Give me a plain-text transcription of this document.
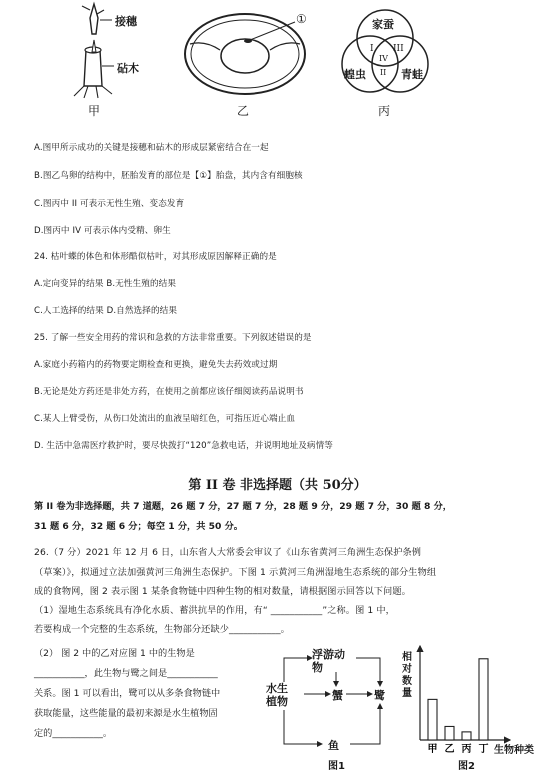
接穗
砧木
甲
①
乙
家蚕
蝗虫	青蛙
I III
IV
II
丙
A.图甲所示成功的关键是接穗和砧木的形成层紧密结合在一起
B.图乙鸟卵的结构中，胚胎发育的部位是【①】胎盘，其内含有细胞核
C.图丙中 II 可表示无性生殖、变态发育
D.图丙中 IV 可表示体内受精、卵生
24. 枯叶蝶的体色和体形酷似枯叶，对其形成原因解释正确的是
A.定向变异的结果 B.无性生殖的结果
C.人工选择的结果 D.自然选择的结果
25. 了解一些安全用药的常识和急救的方法非常重要。下列叙述错误的是
A.家庭小药箱内的药物要定期检查和更换，避免失去药效或过期
B.无论是处方药还是非处方药，在使用之前都应该仔细阅读药品说明书
C.某人上臂受伤，从伤口处流出的血液呈暗红色，可指压近心端止血
D. 生活中急需医疗救护时，要尽快拨打“120”急救电话，并说明地址及病情等
第 II 卷 非选择题（共 50分）
第 II 卷为非选择题，共 7 道题，26 题 7 分，27 题 7 分，28 题 9 分，29 题 7 分，30 题 8 分，
31 题 6 分，32 题 6 分；每空 1 分，共 50 分。
26.（7 分）2021 年 12 月 6 日，山东省人大常委会审议了《山东省黄河三角洲生态保护条例
（草案）》，拟通过立法加强黄河三角洲生态保护。下图 1 示黄河三角洲湿地生态系统的部分生物组
成的食物网，图 2 表示图 1 某条食物链中四种生物的相对数量，请根据图示回答以下问题。
（1）湿地生态系统具有净化水质、蓄洪抗旱的作用，有“ ___________”之称。图 1 中，
若要构成一个完整的生态系统，生物部分还缺少___________。
（2） 图 2 中的乙对应图 1 中的生物是
___________，此生物与鹭之间是___________
关系。图 1 可以看出，鹭可以从多条食物链中
获取能量，这些能量的最初来源是水生植物固
定的___________。
浮游动物
水生植物	蟹	鹭
鱼
图1
甲 乙 丙 丁
相对数量
生物种类
图2
